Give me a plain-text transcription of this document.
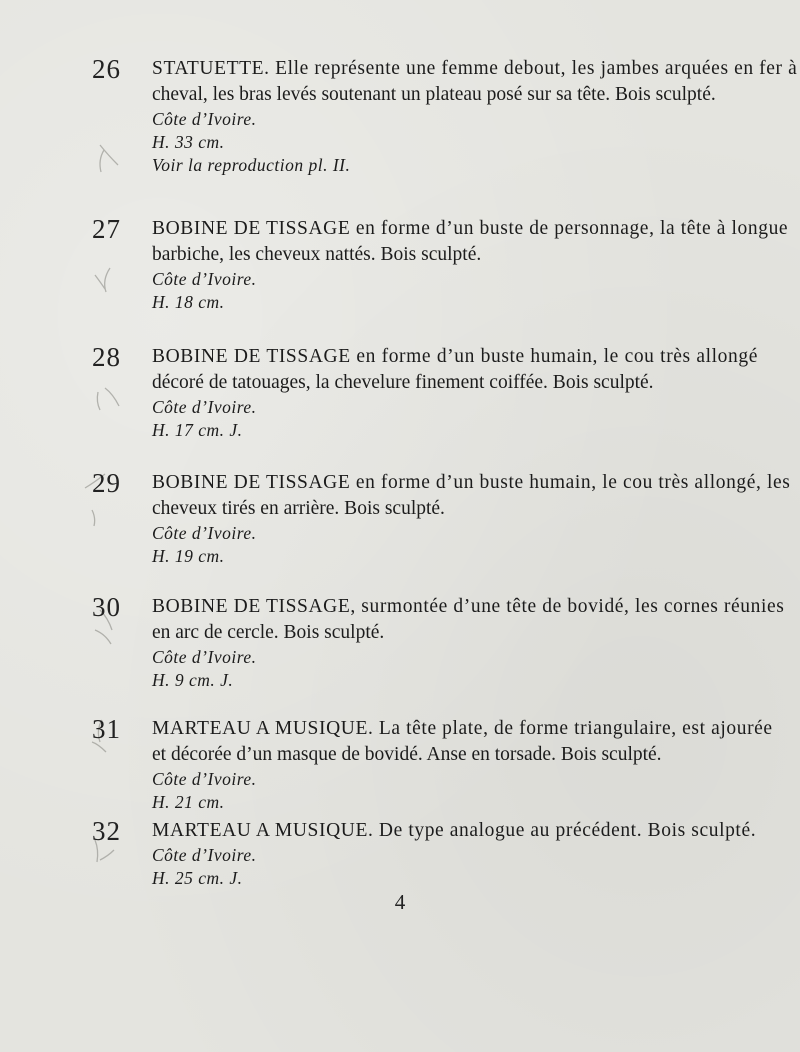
26	STATUETTE. Elle représente une femme debout, les jambes arquées en fer à

cheval, les bras levés soutenant un plateau posé sur sa tête. Bois sculpté.

Côte d’Ivoire.

H. 33 cm.

Voir la reproduction pl. II.

27	BOBINE DE TISSAGE en forme d’un buste de personnage, la tête à longue

barbiche, les cheveux nattés. Bois sculpté.

Côte d’Ivoire.

H. 18 cm.

28	BOBINE DE TISSAGE en forme d’un buste humain, le cou très allongé

décoré de tatouages, la chevelure finement coiffée. Bois sculpté.

Côte d’Ivoire.

H. 17 cm. J.

29	BOBINE DE TISSAGE en forme d’un buste humain, le cou très allongé, les

cheveux tirés en arrière. Bois sculpté.

Côte d’Ivoire.

H. 19 cm.

30	BOBINE DE TISSAGE, surmontée d’une tête de bovidé, les cornes réunies

en arc de cercle. Bois sculpté.

Côte d’Ivoire.

H. 9 cm. J.

31	MARTEAU A MUSIQUE. La tête plate, de forme triangulaire, est ajourée

et décorée d’un masque de bovidé. Anse en torsade. Bois sculpté.

Côte d’Ivoire.

H. 21 cm.

32	MARTEAU A MUSIQUE. De type analogue au précédent. Bois sculpté.

Côte d’Ivoire.

H. 25 cm. J.

4
